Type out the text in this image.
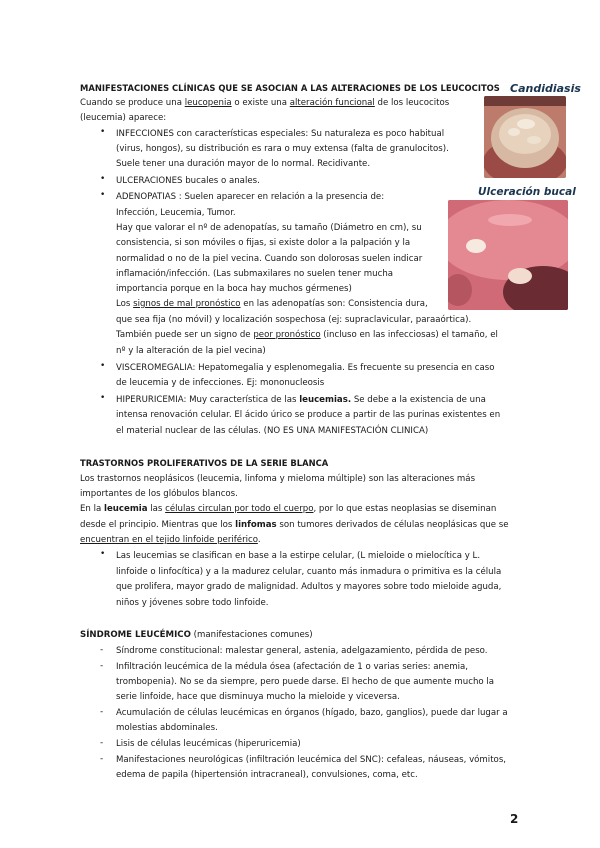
Candidiasis
Ulceración bucal
MANIFESTACIONES CLÍNICAS QUE SE ASOCIAN A LAS ALTERACIONES DE LOS LEUCOCITOS
Cuando se produce una leucopenia o existe una alteración funcional de los leucocitos
(leucemia) aparece:
• INFECCIONES con características especiales: Su naturaleza es poco habitual
(virus, hongos), su distribución es rara o muy extensa (falta de granulocitos).
Suele tener una duración mayor de lo normal. Recidivante.
• ULCERACIONES bucales o anales.
• ADENOPATIAS : Suelen aparecer en relación a la presencia de:
Infección, Leucemia, Tumor.
Hay que valorar el nº de adenopatías, su tamaño (Diámetro en cm), su
consistencia, si son móviles o fijas, si existe dolor a la palpación y la
normalidad o no de la piel vecina. Cuando son dolorosas suelen indicar
inflamación/infección. (Las submaxilares no suelen tener mucha
importancia porque en la boca hay muchos gérmenes)
Los signos de mal pronóstico en las adenopatías son: Consistencia dura,
que sea fija (no móvil) y localización sospechosa (ej: supraclavicular, paraaórtica).
También puede ser un signo de peor pronóstico (incluso en las infecciosas) el tamaño, el
nº y la alteración de la piel vecina)
• VISCEROMEGALIA: Hepatomegalia y esplenomegalia. Es frecuente su presencia en caso
de leucemia y de infecciones. Ej: mononucleosis
• HIPERURICEMIA: Muy característica de las leucemias. Se debe a la existencia de una
intensa renovación celular. El ácido úrico se produce a partir de las purinas existentes en
el material nuclear de las células. (NO ES UNA MANIFESTACIÓN CLINICA)
TRASTORNOS PROLIFERATIVOS DE LA SERIE BLANCA
Los trastornos neoplásicos (leucemia, linfoma y mieloma múltiple) son las alteraciones más
importantes de los glóbulos blancos.
En la leucemia las células circulan por todo el cuerpo, por lo que estas neoplasias se diseminan
desde el principio. Mientras que los linfomas son tumores derivados de células neoplásicas que se
encuentran en el tejido linfoide periférico.
• Las leucemias se clasifican en base a la estirpe celular, (L mieloide o mielocítica y L.
linfoide o linfocítica) y a la madurez celular, cuanto más inmadura o primitiva es la célula
que prolifera, mayor grado de malignidad. Adultos y mayores sobre todo mieloide aguda,
niños y jóvenes sobre todo linfoide.
SÍNDROME LEUCÉMICO (manifestaciones comunes)
- Síndrome constitucional: malestar general, astenia, adelgazamiento, pérdida de peso.
- Infiltración leucémica de la médula ósea (afectación de 1 o varias series: anemia,
trombopenia). No se da siempre, pero puede darse. El hecho de que aumente mucho la
serie linfoide, hace que disminuya mucho la mieloide y viceversa.
- Acumulación de células leucémicas en órganos (hígado, bazo, ganglios), puede dar lugar a
molestias abdominales.
- Lisis de células leucémicas (hiperuricemia)
- Manifestaciones neurológicas (infiltración leucémica del SNC): cefaleas, náuseas, vómitos,
edema de papila (hipertensión intracraneal), convulsiones, coma, etc.
2
